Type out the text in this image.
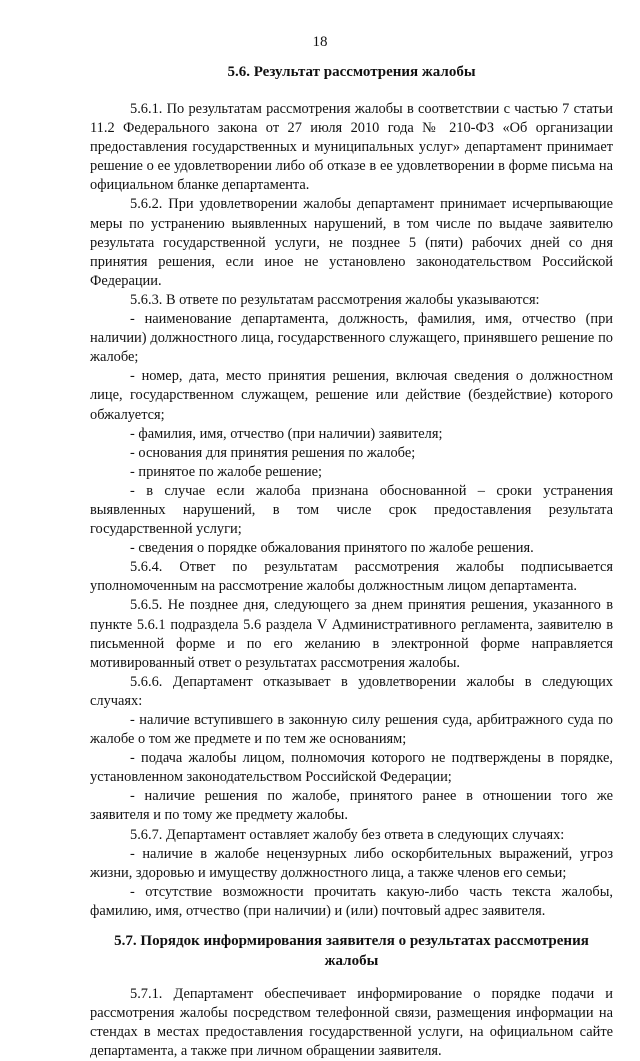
18
5.6. Результат рассмотрения жалобы

5.6.1. По результатам рассмотрения жалобы в соответствии с частью 7 статьи 11.2 Федерального закона от 27 июля 2010 года № 210-ФЗ «Об организации предоставления государственных и муниципальных услуг» департамент принимает решение о ее удовлетворении либо об отказе в ее удовлетворении в форме письма на официальном бланке департамента.

5.6.2. При удовлетворении жалобы департамент принимает исчерпывающие меры по устранению выявленных нарушений, в том числе по выдаче заявителю результата государственной услуги, не позднее 5 (пяти) рабочих дней со дня принятия решения, если иное не установлено законодательством Российской Федерации.

5.6.3. В ответе по результатам рассмотрения жалобы указываются:

- наименование департамента, должность, фамилия, имя, отчество (при наличии) должностного лица, государственного служащего, принявшего решение по жалобе;

- номер, дата, место принятия решения, включая сведения о должностном лице, государственном служащем, решение или действие (бездействие) которого обжалуется;

- фамилия, имя, отчество (при наличии) заявителя;

- основания для принятия решения по жалобе;

- принятое по жалобе решение;

- в случае если жалоба признана обоснованной – сроки устранения выявленных нарушений, в том числе срок предоставления результата государственной услуги;

- сведения о порядке обжалования принятого по жалобе решения.

5.6.4. Ответ по результатам рассмотрения жалобы подписывается уполномоченным на рассмотрение жалобы должностным лицом департамента.

5.6.5. Не позднее дня, следующего за днем принятия решения, указанного в пункте 5.6.1 подраздела 5.6 раздела V Административного регламента, заявителю в письменной форме и по его желанию в электронной форме направляется мотивированный ответ о результатах рассмотрения жалобы.

5.6.6. Департамент отказывает в удовлетворении жалобы в следующих случаях:

- наличие вступившего в законную силу решения суда, арбитражного суда по жалобе о том же предмете и по тем же основаниям;

- подача жалобы лицом, полномочия которого не подтверждены в порядке, установленном законодательством Российской Федерации;

- наличие решения по жалобе, принятого ранее в отношении того же заявителя и по тому же предмету жалобы.

5.6.7. Департамент оставляет жалобу без ответа в следующих случаях:

- наличие в жалобе нецензурных либо оскорбительных выражений, угроз жизни, здоровью и имуществу должностного лица, а также членов его семьи;

- отсутствие возможности прочитать какую-либо часть текста жалобы, фамилию, имя, отчество (при наличии) и (или) почтовый адрес заявителя.

5.7. Порядок информирования заявителя о результатах рассмотрения жалобы

5.7.1. Департамент обеспечивает информирование о порядке подачи и рассмотрения жалобы посредством телефонной связи, размещения информации на стендах в местах предоставления государственной услуги, на официальном сайте департамента, а также при личном обращении заявителя.
